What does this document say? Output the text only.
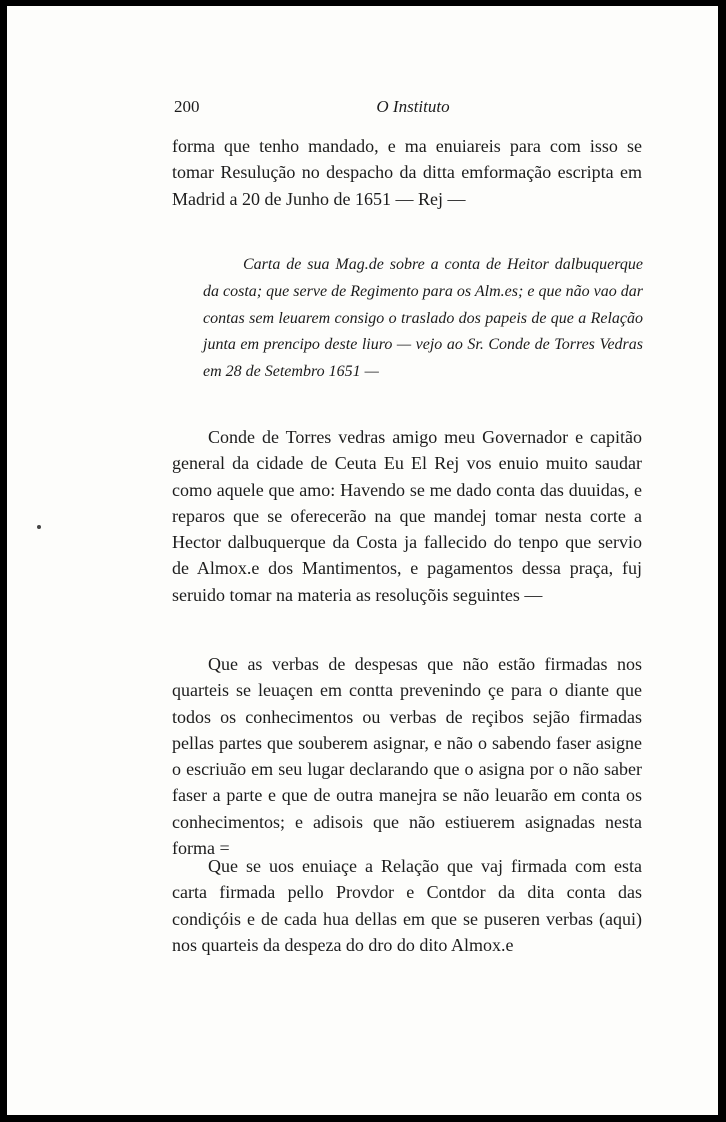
200	O Instituto

forma que tenho mandado, e ma enuiareis para com isso se tomar Resulução no despacho da ditta emformação escripta em Madrid a 20 de Junho de 1651 — Rej —

Carta de sua Mag.de sobre a conta de Heitor dalbuquerque da costa; que serve de Regimento para os Alm.es; e que não vao dar contas sem leuarem consigo o traslado dos papeis de que a Relação junta em prencipo deste liuro — vejo ao Sr. Conde de Torres Vedras em 28 de Setembro 1651 —

Conde de Torres vedras amigo meu Governador e capitão general da cidade de Ceuta Eu El Rej vos enuio muito saudar como aquele que amo: Havendo se me dado conta das duuidas, e reparos que se oferecerão na que mandej tomar nesta corte a Hector dalbuquerque da Costa ja fallecido do tenpo que servio de Almox.e dos Mantimentos, e pagamentos dessa praça, fuj seruido tomar na materia as resoluçõis seguintes —

Que as verbas de despesas que não estão firmadas nos quarteis se leuaçen em contta prevenindo çe para o diante que todos os conhecimentos ou verbas de reçibos sejão firmadas pellas partes que souberem asignar, e não o sabendo faser asigne o escriuão em seu lugar declarando que o asigna por o não saber faser a parte e que de outra manejra se não leuarão em conta os conhecimentos; e adisois que não estiuerem asignadas nesta forma =

Que se uos enuiaçe a Relação que vaj firmada com esta carta firmada pello Provdor e Contdor da dita conta das condiçóis e de cada hua dellas em que se puseren verbas (aqui) nos quarteis da despeza do dro do dito Almox.e
